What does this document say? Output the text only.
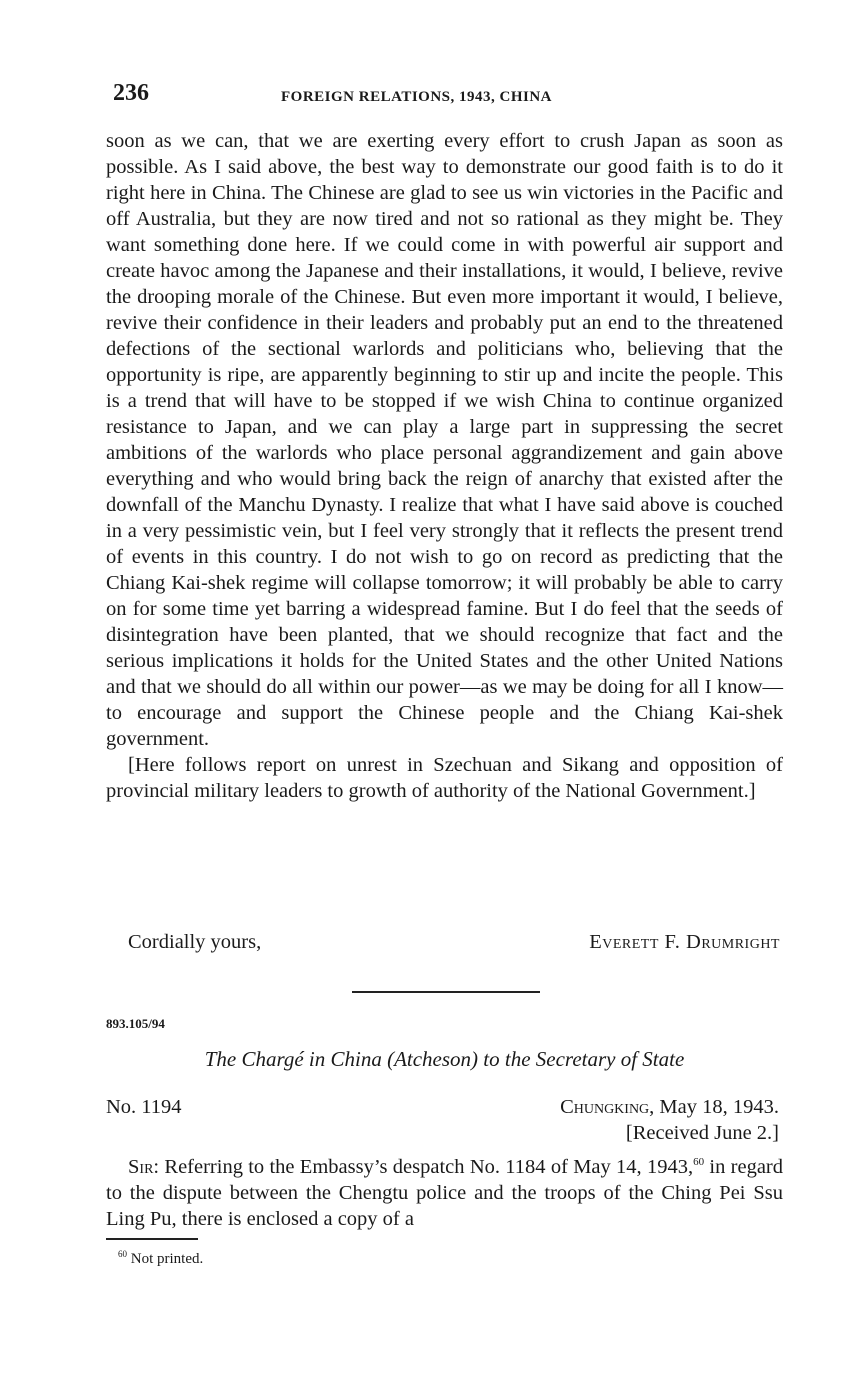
236	FOREIGN RELATIONS, 1943, CHINA

soon as we can, that we are exerting every effort to crush Japan as soon as possible. As I said above, the best way to demonstrate our good faith is to do it right here in China. The Chinese are glad to see us win victories in the Pacific and off Australia, but they are now tired and not so rational as they might be. They want something done here. If we could come in with powerful air support and create havoc among the Japanese and their installations, it would, I believe, revive the drooping morale of the Chinese. But even more important it would, I believe, revive their confidence in their leaders and probably put an end to the threatened defections of the sectional warlords and politicians who, believing that the opportunity is ripe, are apparently beginning to stir up and incite the people. This is a trend that will have to be stopped if we wish China to continue organized resistance to Japan, and we can play a large part in suppressing the secret ambitions of the warlords who place personal aggrandizement and gain above everything and who would bring back the reign of anarchy that existed after the downfall of the Manchu Dynasty. I realize that what I have said above is couched in a very pessimistic vein, but I feel very strongly that it reflects the present trend of events in this country. I do not wish to go on record as predicting that the Chiang Kai-shek regime will collapse tomorrow; it will probably be able to carry on for some time yet barring a widespread famine. But I do feel that the seeds of disintegration have been planted, that we should recognize that fact and the serious implications it holds for the United States and the other United Nations and that we should do all within our power—as we may be doing for all I know—to encourage and support the Chinese people and the Chiang Kai-shek government.

[Here follows report on unrest in Szechuan and Sikang and opposition of provincial military leaders to growth of authority of the National Government.]

Cordially yours,	Everett F. Drumright
893.105/94
The Chargé in China (Atcheson) to the Secretary of State
No. 1194	Chungking, May 18, 1943.
[Received June 2.]

Sir: Referring to the Embassy’s despatch No. 1184 of May 14, 1943,60 in regard to the dispute between the Chengtu police and the troops of the Ching Pei Ssu Ling Pu, there is enclosed a copy of a

$^{60}$ Not printed.
